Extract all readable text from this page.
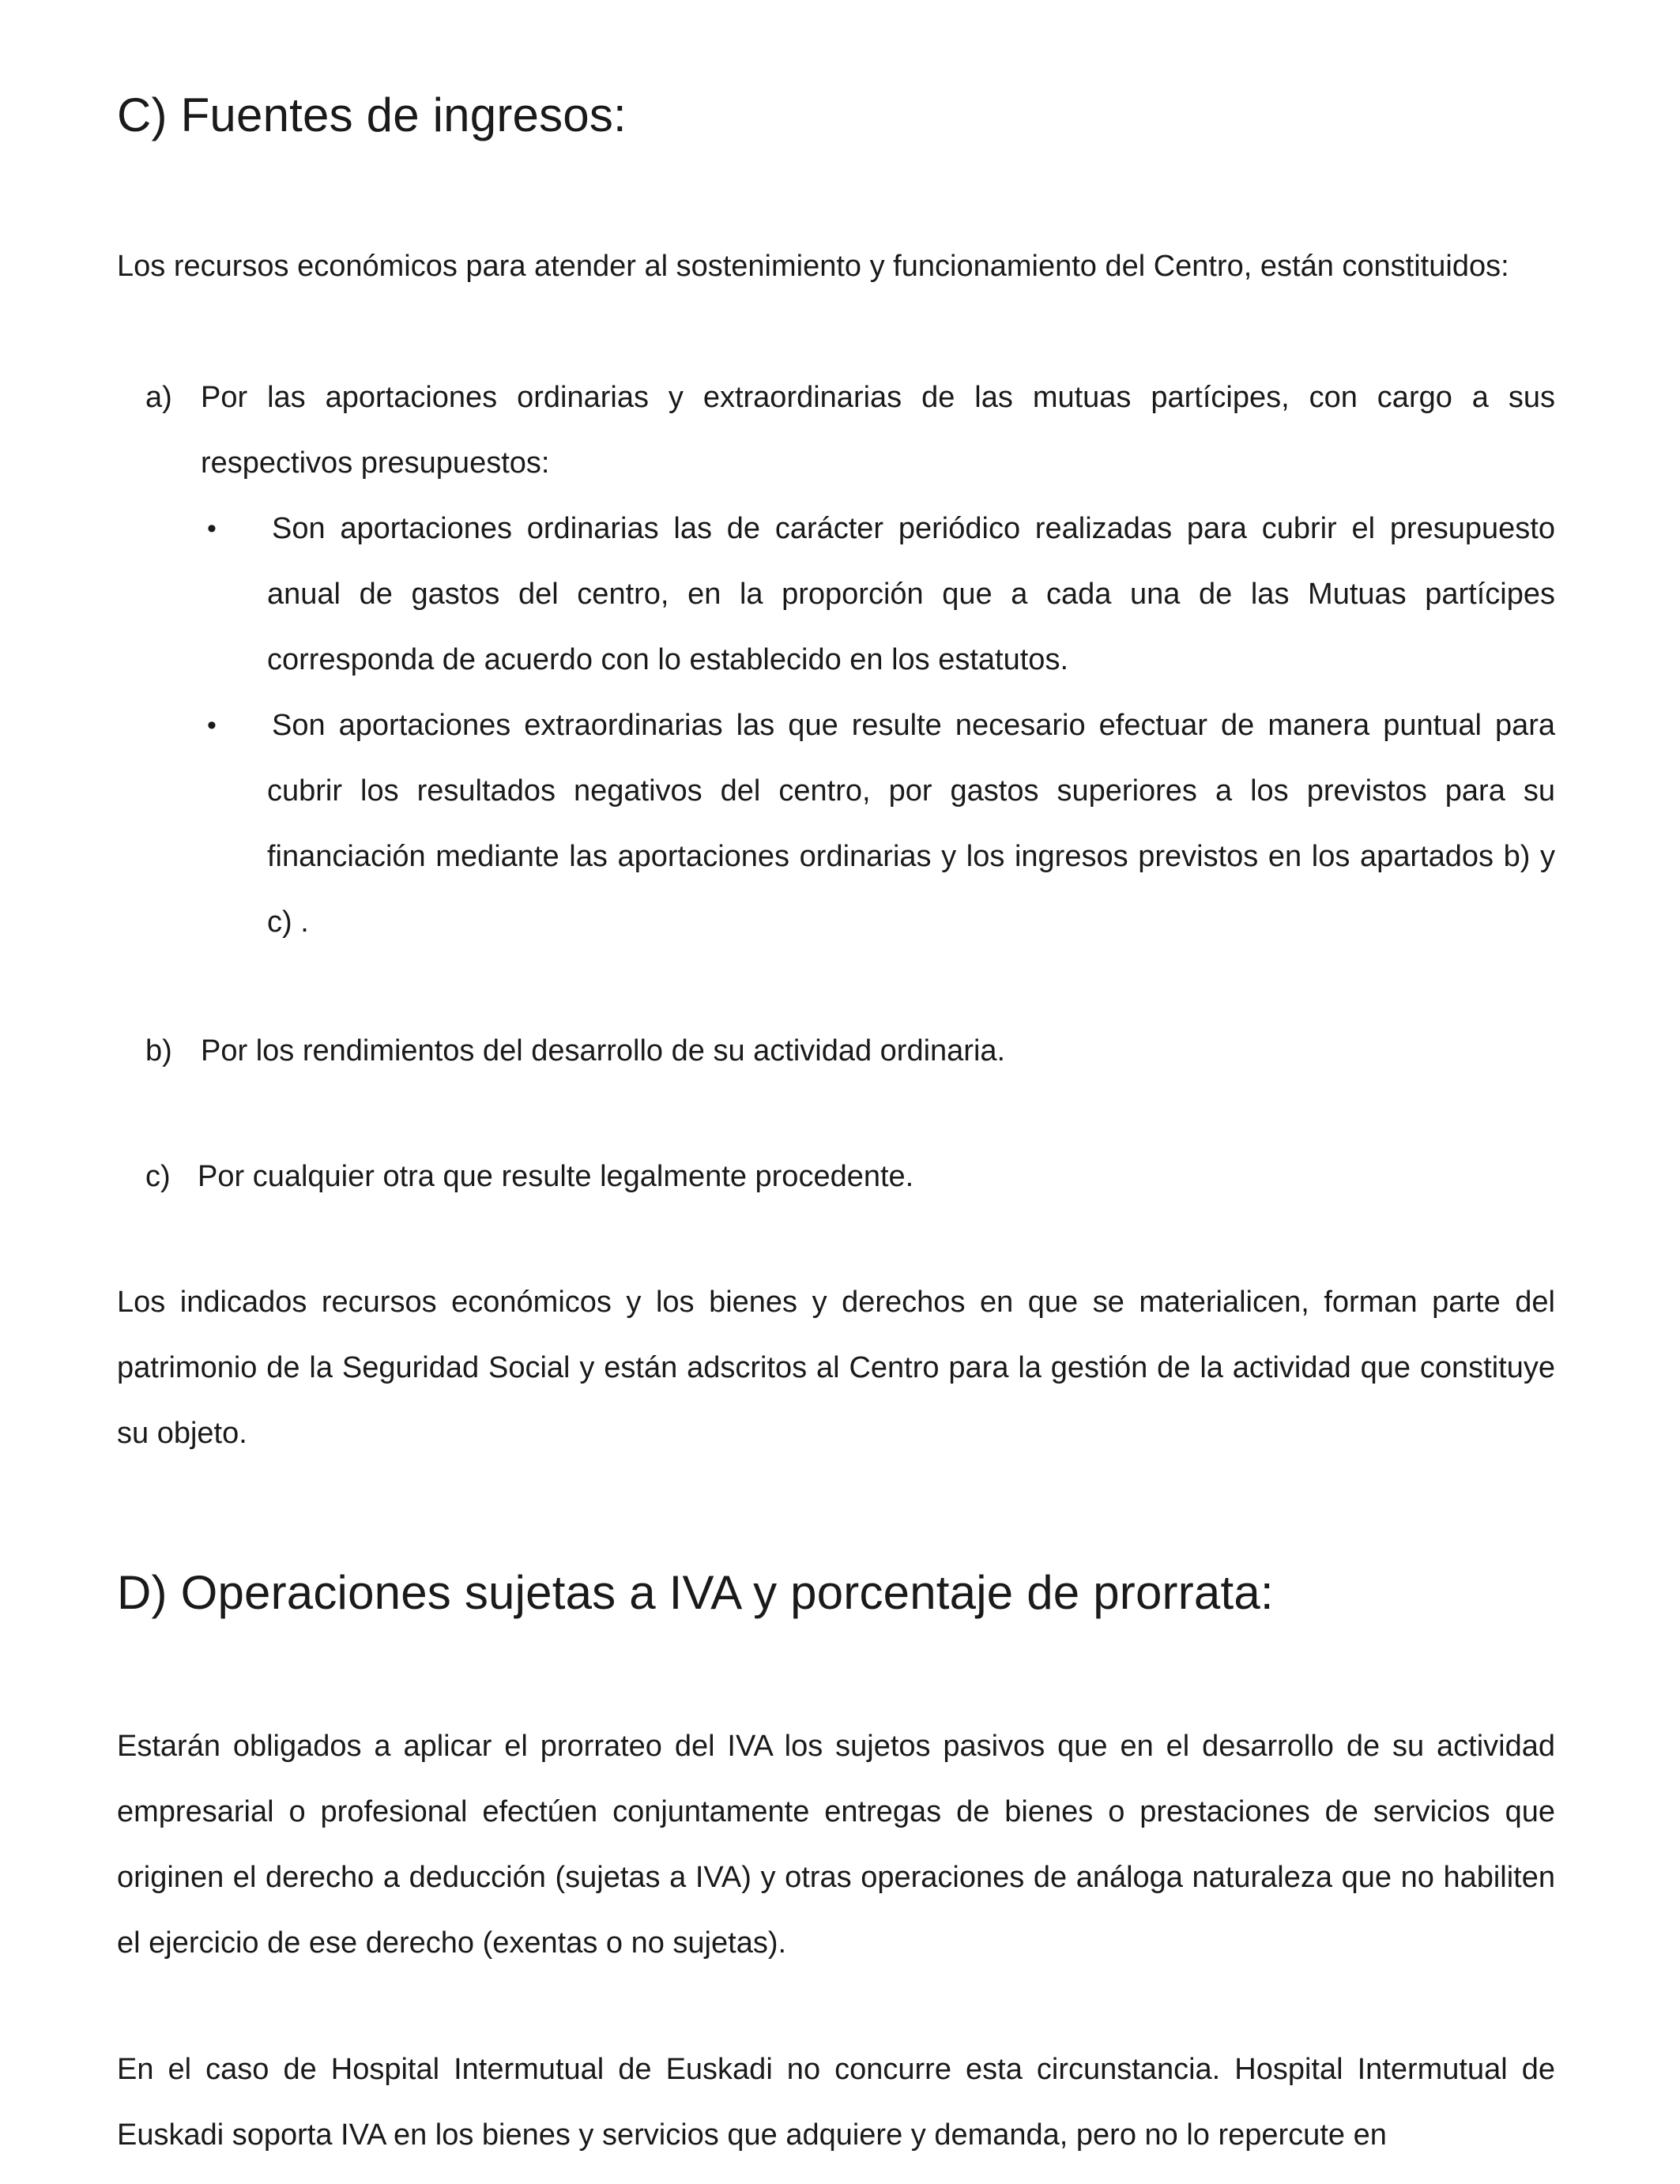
C) Fuentes de ingresos:

Los recursos económicos para atender al sostenimiento y funcionamiento del Centro, están constituidos:

a) Por las aportaciones ordinarias y extraordinarias de las mutuas partícipes, con cargo a sus respectivos presupuestos:

• Son aportaciones ordinarias las de carácter periódico realizadas para cubrir el presupuesto anual de gastos del centro, en la proporción que a cada una de las Mutuas partícipes corresponda de acuerdo con lo establecido en los estatutos.

• Son aportaciones extraordinarias las que resulte necesario efectuar de manera puntual para cubrir los resultados negativos del centro, por gastos superiores a los previstos para su financiación mediante las aportaciones ordinarias y los ingresos previstos en los apartados b) y c) .

b) Por los rendimientos del desarrollo de su actividad ordinaria.

c) Por cualquier otra que resulte legalmente procedente.

Los indicados recursos económicos y los bienes y derechos en que se materialicen, forman parte del patrimonio de la Seguridad Social y están adscritos al Centro para la gestión de la actividad que constituye su objeto.

D) Operaciones sujetas a IVA y porcentaje de prorrata:

Estarán obligados a aplicar el prorrateo del IVA los sujetos pasivos que en el desarrollo de su actividad empresarial o profesional efectúen conjuntamente entregas de bienes o prestaciones de servicios que originen el derecho a deducción (sujetas a IVA) y otras operaciones de análoga naturaleza que no habiliten el ejercicio de ese derecho (exentas o no sujetas).

En el caso de Hospital Intermutual de Euskadi no concurre esta circunstancia. Hospital Intermutual de Euskadi soporta IVA en los bienes y servicios que adquiere y demanda, pero no lo repercute en
